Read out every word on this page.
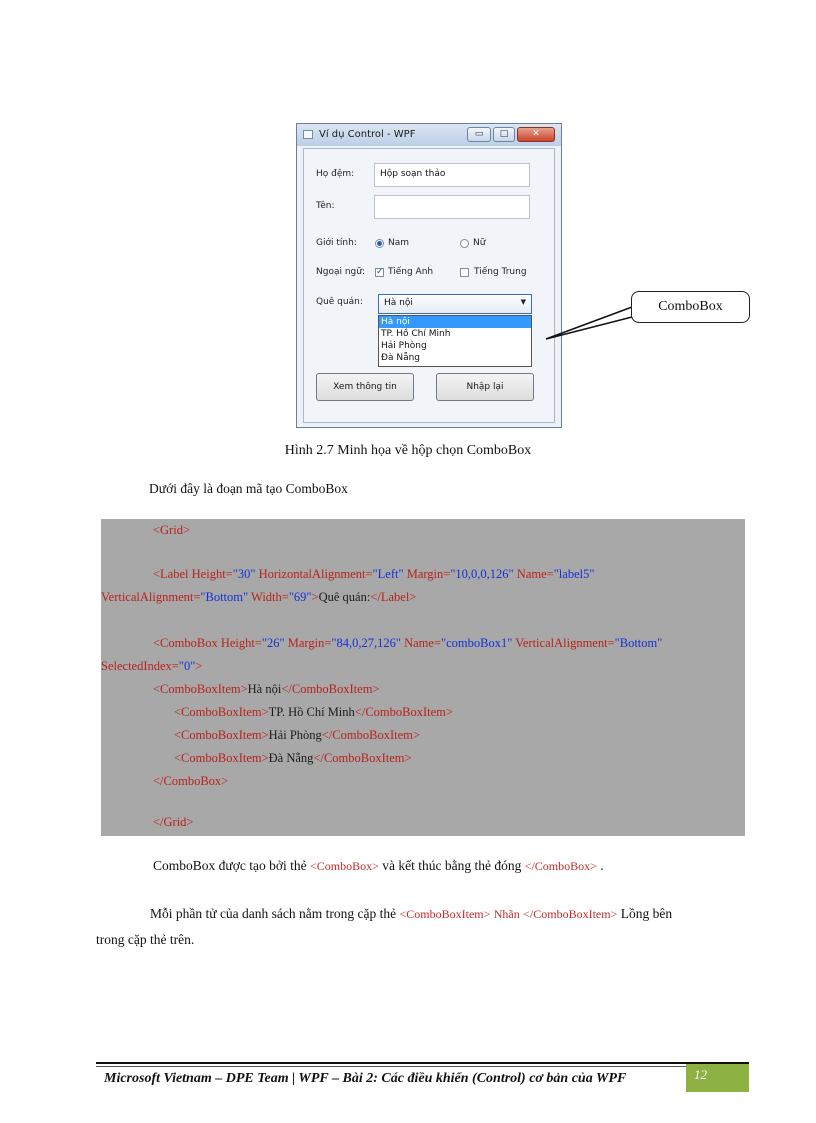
Ví dụ Control - WPF	▭	□	✕
Họ đệm:	Hộp soạn thảo
Tên:
Giới tính:	Nam	Nữ
Ngoại ngữ: ✓ Tiếng Anh	Tiếng Trung
Quê quán:	Hà nội	▼
Hà nội
TP. Hồ Chí Minh
Hải Phòng
Đà Nẵng
Xem thông tin	Nhập lại
ComboBox
Hình 2.7 Minh họa về hộp chọn ComboBox
Dưới đây là đoạn mã tạo ComboBox
<Grid>
<Label Height="30" HorizontalAlignment="Left" Margin="10,0,0,126" Name="label5"
VerticalAlignment="Bottom" Width="69">Quê quán:</Label>
<ComboBox Height="26" Margin="84,0,27,126" Name="comboBox1" VerticalAlignment="Bottom"
SelectedIndex="0">
<ComboBoxItem>Hà nội</ComboBoxItem>
<ComboBoxItem>TP. Hồ Chí Minh</ComboBoxItem>
<ComboBoxItem>Hải Phòng</ComboBoxItem>
<ComboBoxItem>Đà Nẵng</ComboBoxItem>
</ComboBox>
</Grid>
ComboBox được tạo bởi thẻ <ComboBox> và kết thúc bằng thẻ đóng </ComboBox> .
Mỗi phần tử của danh sách nằm trong cặp thẻ <ComboBoxItem> Nhãn </ComboBoxItem> Lồng bên
trong cặp thẻ trên.
Microsoft Vietnam – DPE Team | WPF – Bài 2: Các điều khiển (Control) cơ bản của WPF	12
